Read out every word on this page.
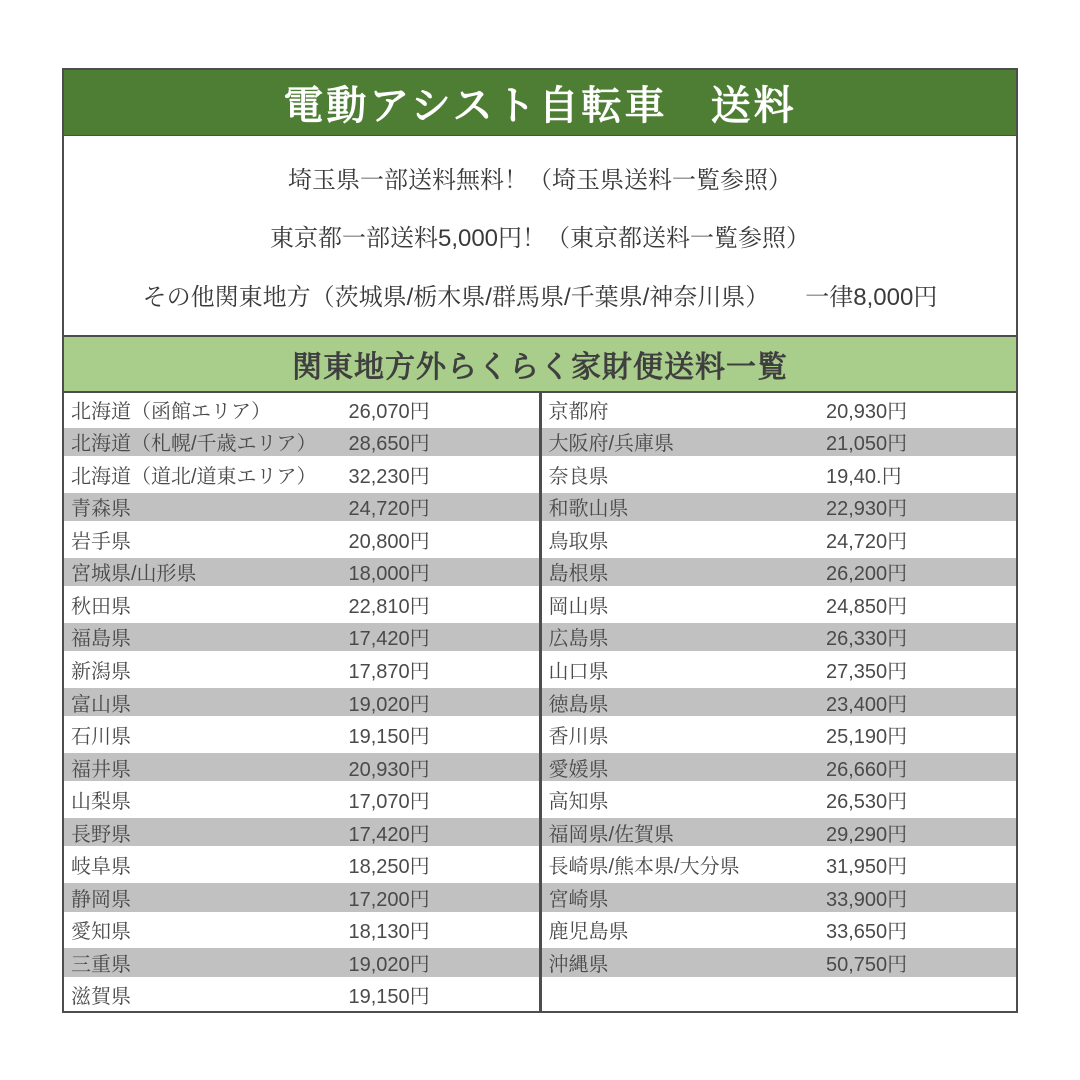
電動アシスト自転車　送料

埼玉県一部送料無料！（埼玉県送料一覧参照）

東京都一部送料5,000円！（東京都送料一覧参照）

その他関東地方（茨城県/栃木県/群馬県/千葉県/神奈川県）　　一律8,000円

関東地方外らくらく家財便送料一覧
北海道（函館エリア）	26,070円
北海道（札幌/千歳エリア）	28,650円
北海道（道北/道東エリア）	32,230円
青森県	24,720円
岩手県	20,800円
宮城県/山形県	18,000円
秋田県	22,810円
福島県	17,420円
新潟県	17,870円
富山県	19,020円
石川県	19,150円
福井県	20,930円
山梨県	17,070円
長野県	17,420円
岐阜県	18,250円
静岡県	17,200円
愛知県	18,130円
三重県	19,020円
滋賀県	19,150円
京都府	20,930円
大阪府/兵庫県	21,050円
奈良県	19,40.円
和歌山県	22,930円
鳥取県	24,720円
島根県	26,200円
岡山県	24,850円
広島県	26,330円
山口県	27,350円
徳島県	23,400円
香川県	25,190円
愛媛県	26,660円
高知県	26,530円
福岡県/佐賀県	29,290円
長崎県/熊本県/大分県	31,950円
宮崎県	33,900円
鹿児島県	33,650円
沖縄県	50,750円
